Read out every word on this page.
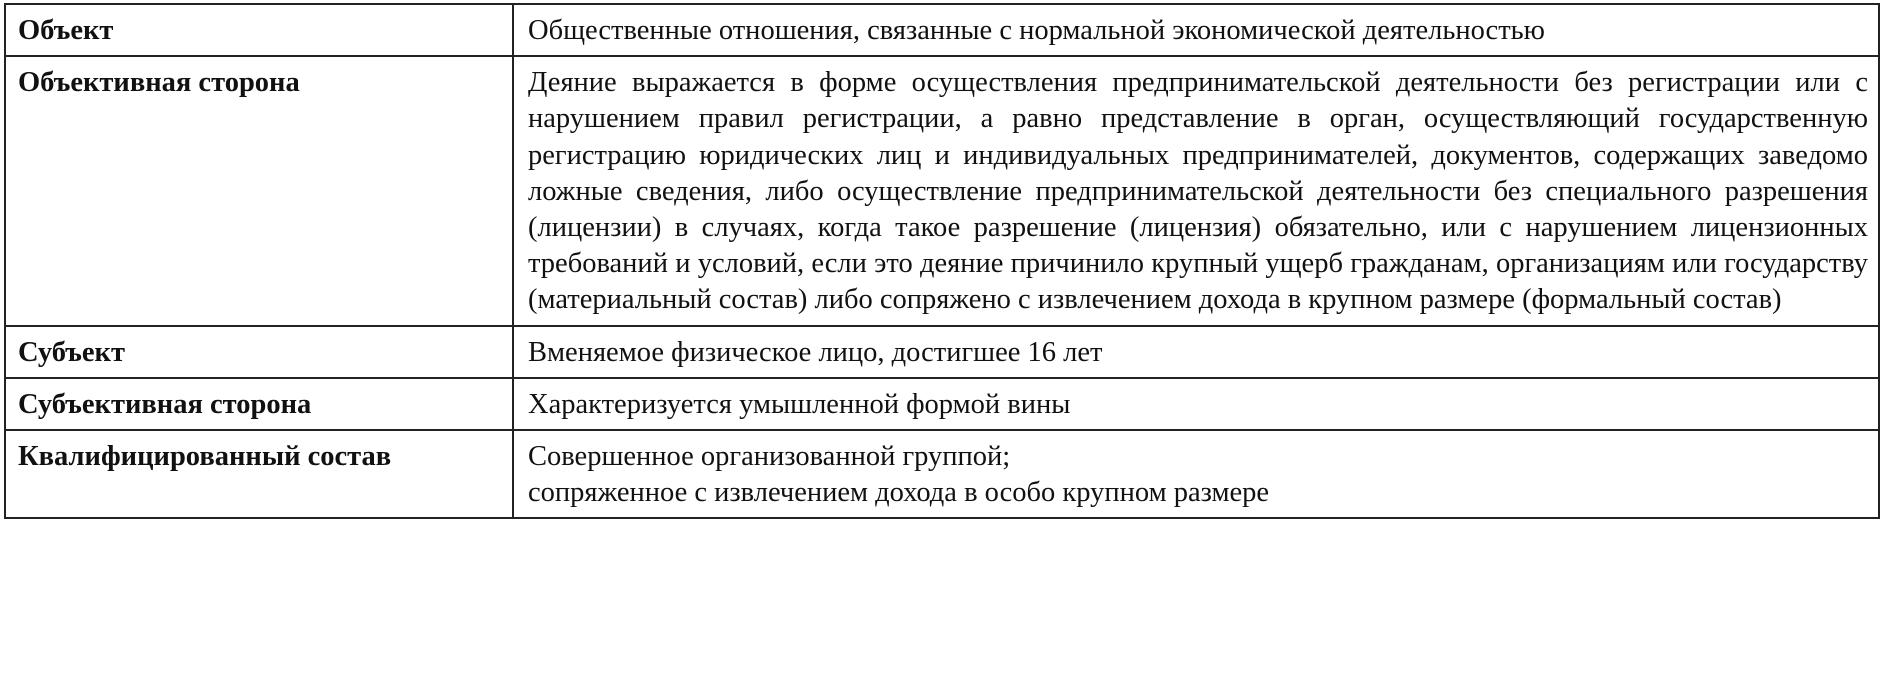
Объект	Общественные отношения, связанные с нормальной экономической деятельностью

Объективная сторона	Деяние выражается в форме осуществления предпринимательской деятельности без регистрации или с нарушением правил регистрации, а равно представление в орган, осуществляющий государственную регистрацию юридических лиц и индивидуальных предпринимателей, документов, содержащих заведомо ложные сведения, либо осуществление предпринимательской деятельности без специального разрешения (лицензии) в случаях, когда такое разрешение (лицензия) обязательно, или с нарушением лицензионных требований и условий, если это деяние причинило крупный ущерб гражданам, организациям или государству (материальный состав) либо сопряжено с извлечением дохода в крупном размере (формальный состав)

Субъект	Вменяемое физическое лицо, достигшее 16 лет

Субъективная сторона	Характеризуется умышленной формой вины

Квалифицированный состав	Совершенное организованной группой;
сопряженное с извлечением дохода в особо крупном размере
